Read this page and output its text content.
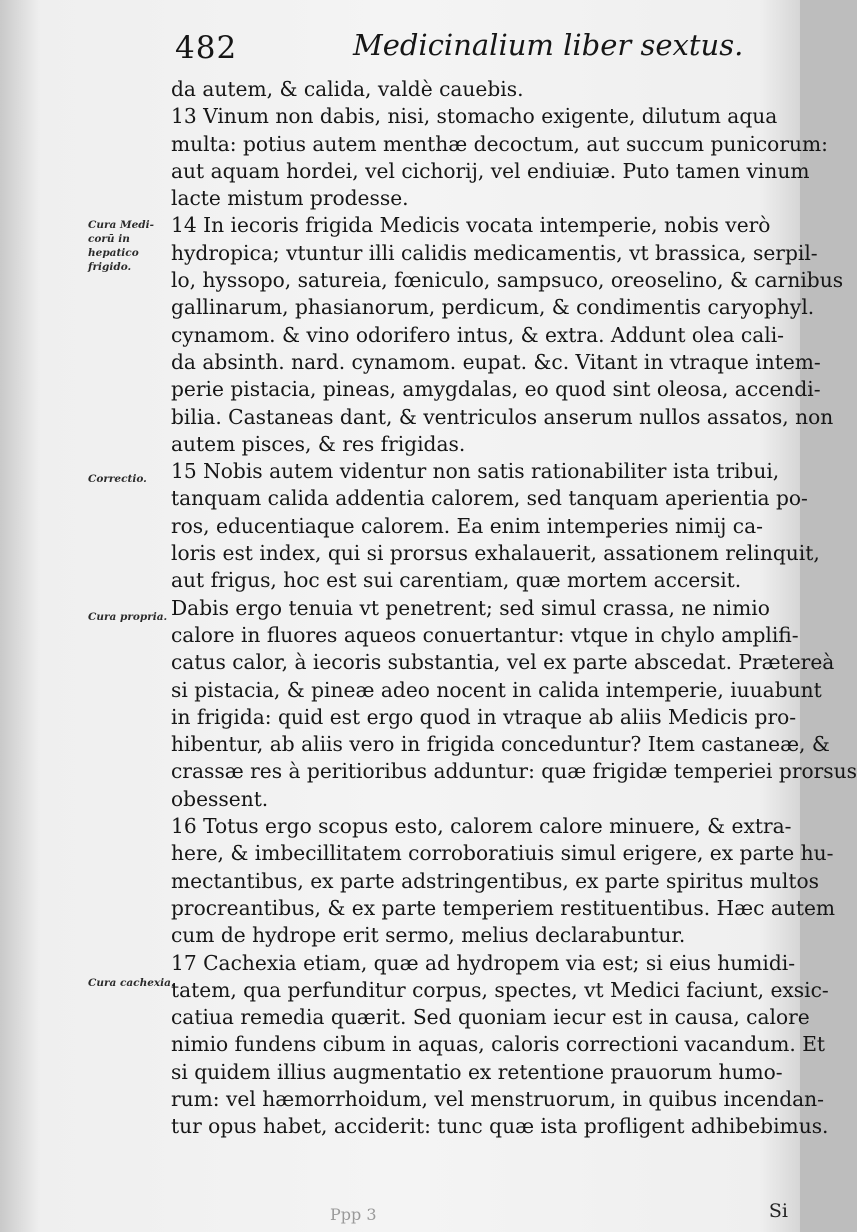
482	Medicinalium liber sextus.
Cura Medi-corū in hepatico frigido.
Correctio.
Cura propria.
Cura cachexia.
da autem, & calida, valdè cauebis.
13 Vinum non dabis, nisi, stomacho exigente, dilutum aqua
multa: potius autem menthæ decoctum, aut succum punicorum:
aut aquam hordei, vel cichorij, vel endiuiæ. Puto tamen vinum
lacte mistum prodesse.
14 In iecoris frigida Medicis vocata intemperie, nobis verò
hydropica; vtuntur illi calidis medicamentis, vt brassica, serpil-
lo, hyssopo, satureia, fœniculo, sampsuco, oreoselino, & carnibus
gallinarum, phasianorum, perdicum, & condimentis caryophyl.
cynamom. & vino odorifero intus, & extra. Addunt olea cali-
da absinth. nard. cynamom. eupat. &c. Vitant in vtraque intem-
perie pistacia, pineas, amygdalas, eo quod sint oleosa, accendi-
bilia. Castaneas dant, & ventriculos anserum nullos assatos, non
autem pisces, & res frigidas.
15 Nobis autem videntur non satis rationabiliter ista tribui,
tanquam calida addentia calorem, sed tanquam aperientia po-
ros, educentiaque calorem. Ea enim intemperies nimij ca-
loris est index, qui si prorsus exhalauerit, assationem relinquit,
aut frigus, hoc est sui carentiam, quæ mortem accersit.
Dabis ergo tenuia vt penetrent; sed simul crassa, ne nimio
calore in fluores aqueos conuertantur: vtque in chylo amplifi-
catus calor, à iecoris substantia, vel ex parte abscedat. Prætereà
si pistacia, & pineæ adeo nocent in calida intemperie, iuuabunt
in frigida: quid est ergo quod in vtraque ab aliis Medicis pro-
hibentur, ab aliis vero in frigida conceduntur? Item castaneæ, &
crassæ res à peritioribus adduntur: quæ frigidæ temperiei prorsus
obessent.
16 Totus ergo scopus esto, calorem calore minuere, & extra-
here, & imbecillitatem corroboratiuis simul erigere, ex parte hu-
mectantibus, ex parte adstringentibus, ex parte spiritus multos
procreantibus, & ex parte temperiem restituentibus. Hæc autem
cum de hydrope erit sermo, melius declarabuntur.
17 Cachexia etiam, quæ ad hydropem via est; si eius humidi-
tatem, qua perfunditur corpus, spectes, vt Medici faciunt, exsic-
catiua remedia quærit. Sed quoniam iecur est in causa, calore
nimio fundens cibum in aquas, caloris correctioni vacandum. Et
si quidem illius augmentatio ex retentione prauorum humo-
rum: vel hæmorrhoidum, vel menstruorum, in quibus incendan-
tur opus habet, acciderit: tunc quæ ista profligent adhibebimus.
Ppp 3	Si
